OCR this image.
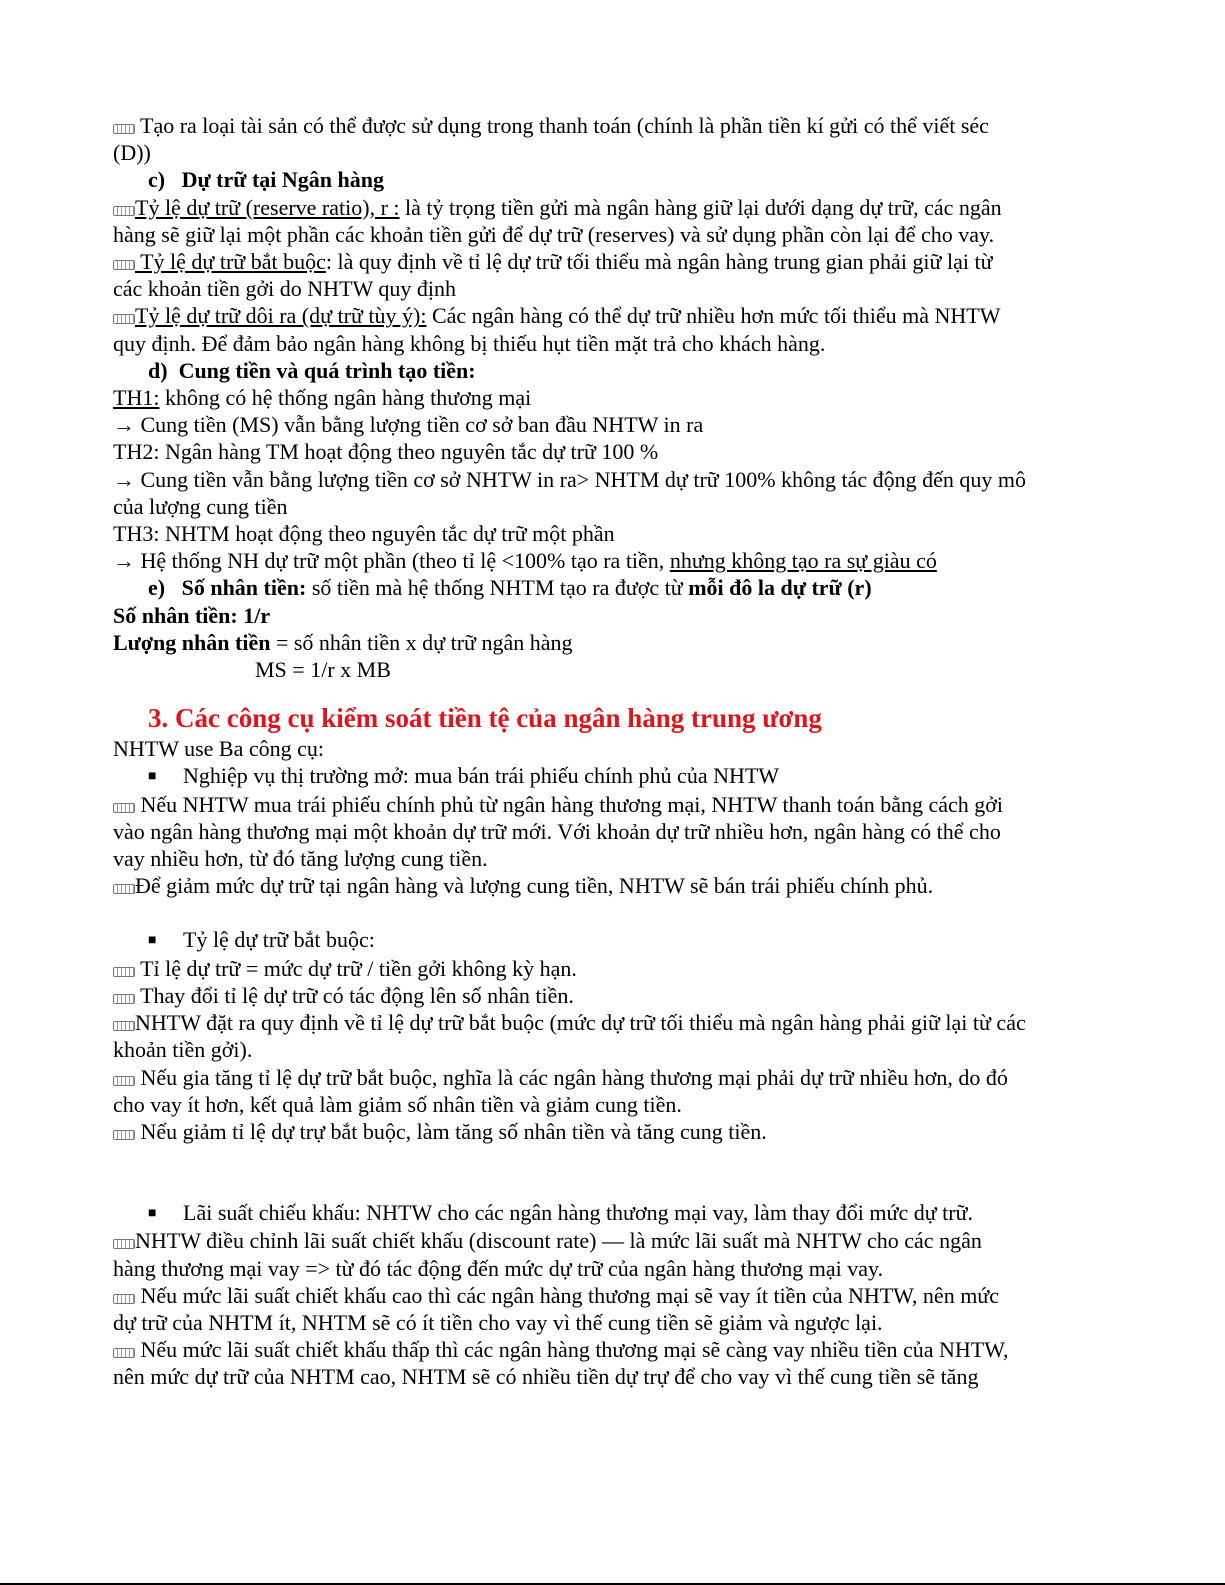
Tạo ra loại tài sản có thể được sử dụng trong thanh toán (chính là phần tiền kí gửi có thể viết séc
(D))
c) Dự trữ tại Ngân hàng
Tỷ lệ dự trữ (reserve ratio), r : là tỷ trọng tiền gửi mà ngân hàng giữ lại dưới dạng dự trữ, các ngân
hàng sẽ giữ lại một phần các khoản tiền gửi để dự trữ (reserves) và sử dụng phần còn lại để cho vay.
Tỷ lệ dự trữ bắt buộc: là quy định về tỉ lệ dự trữ tối thiểu mà ngân hàng trung gian phải giữ lại từ
các khoản tiền gởi do NHTW quy định
Tỷ lệ dự trữ dôi ra (dự trữ tùy ý): Các ngân hàng có thể dự trữ nhiều hơn mức tối thiểu mà NHTW
quy định. Để đảm bảo ngân hàng không bị thiếu hụt tiền mặt trả cho khách hàng.
d) Cung tiền và quá trình tạo tiền:
TH1: không có hệ thống ngân hàng thương mại
→ Cung tiền (MS) vẫn bằng lượng tiền cơ sở ban đầu NHTW in ra
TH2: Ngân hàng TM hoạt động theo nguyên tắc dự trữ 100 %
→ Cung tiền vẫn bằng lượng tiền cơ sở NHTW in ra> NHTM dự trữ 100% không tác động đến quy mô
của lượng cung tiền
TH3: NHTM hoạt động theo nguyên tắc dự trữ một phần
→ Hệ thống NH dự trữ một phần (theo tỉ lệ <100% tạo ra tiền, nhưng không tạo ra sự giàu có
e) Số nhân tiền: số tiền mà hệ thống NHTM tạo ra được từ mỗi đô la dự trữ (r)
Số nhân tiền: 1/r
Lượng nhân tiền = số nhân tiền x dự trữ ngân hàng
MS = 1/r x MB
3. Các công cụ kiểm soát tiền tệ của ngân hàng trung ương
NHTW use Ba công cụ:
■ Nghiệp vụ thị trường mở: mua bán trái phiếu chính phủ của NHTW
Nếu NHTW mua trái phiếu chính phủ từ ngân hàng thương mại, NHTW thanh toán bằng cách gởi
vào ngân hàng thương mại một khoản dự trữ mới. Với khoản dự trữ nhiều hơn, ngân hàng có thể cho
vay nhiều hơn, từ đó tăng lượng cung tiền.
Để giảm mức dự trữ tại ngân hàng và lượng cung tiền, NHTW sẽ bán trái phiếu chính phủ.
■ Tỷ lệ dự trữ bắt buộc:
Tỉ lệ dự trữ = mức dự trữ / tiền gởi không kỳ hạn.
Thay đổi tỉ lệ dự trữ có tác động lên số nhân tiền.
NHTW đặt ra quy định về tỉ lệ dự trữ bắt buộc (mức dự trữ tối thiểu mà ngân hàng phải giữ lại từ các
khoản tiền gởi).
Nếu gia tăng tỉ lệ dự trữ bắt buộc, nghĩa là các ngân hàng thương mại phải dự trữ nhiều hơn, do đó
cho vay ít hơn, kết quả làm giảm số nhân tiền và giảm cung tiền.
Nếu giảm tỉ lệ dự trự bắt buộc, làm tăng số nhân tiền và tăng cung tiền.
■ Lãi suất chiếu khấu: NHTW cho các ngân hàng thương mại vay, làm thay đổi mức dự trữ.
NHTW điều chỉnh lãi suất chiết khấu (discount rate) — là mức lãi suất mà NHTW cho các ngân
hàng thương mại vay => từ đó tác động đến mức dự trữ của ngân hàng thương mại vay.
Nếu mức lãi suất chiết khấu cao thì các ngân hàng thương mại sẽ vay ít tiền của NHTW, nên mức
dự trữ của NHTM ít, NHTM sẽ có ít tiền cho vay vì thế cung tiền sẽ giảm và ngược lại.
Nếu mức lãi suất chiết khấu thấp thì các ngân hàng thương mại sẽ càng vay nhiều tiền của NHTW,
nên mức dự trữ của NHTM cao, NHTM sẽ có nhiều tiền dự trự để cho vay vì thế cung tiền sẽ tăng
